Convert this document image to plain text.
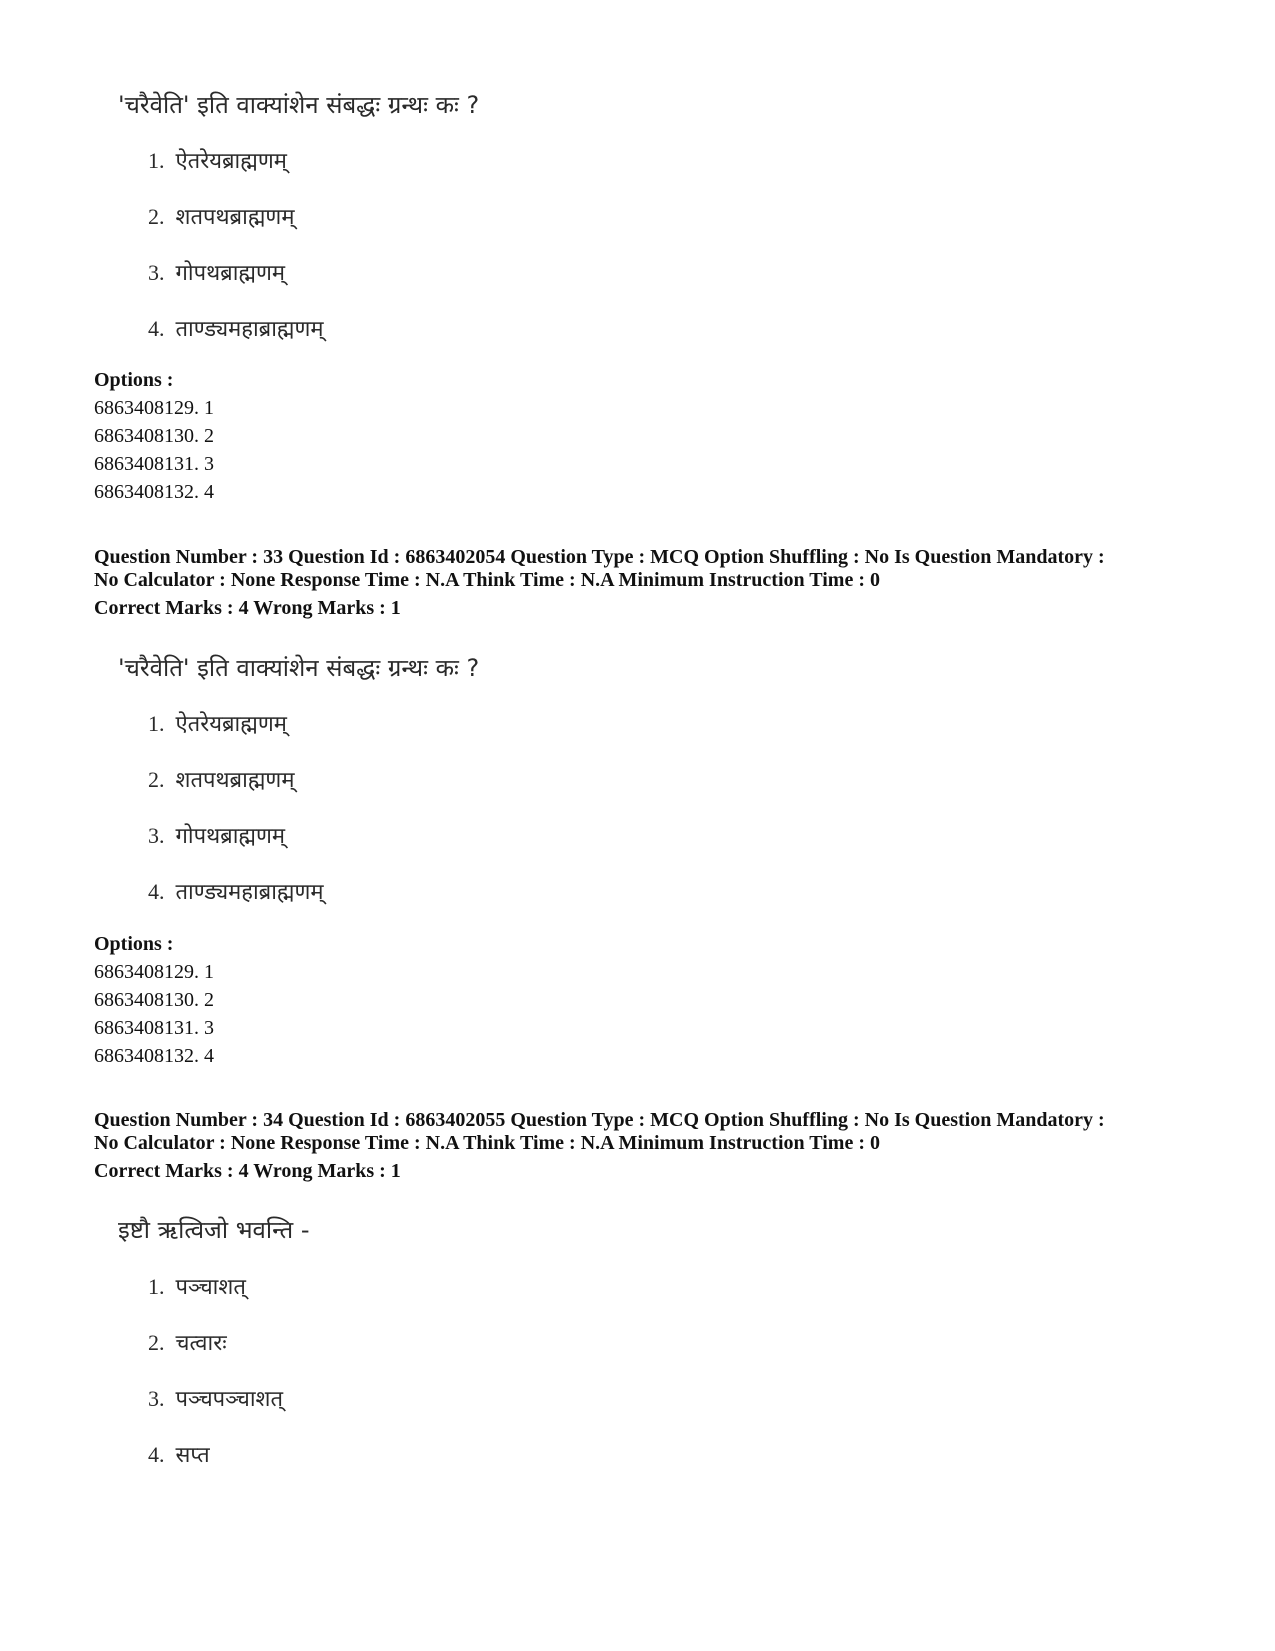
'चरैवेति' इति वाक्यांशेन संबद्धः ग्रन्थः कः ?
1. ऐतरेयब्राह्मणम्
2. शतपथब्राह्मणम्
3. गोपथब्राह्मणम्
4. ताण्ड्यमहाब्राह्मणम्
Options :
6863408129. 1
6863408130. 2
6863408131. 3
6863408132. 4
Question Number : 33 Question Id : 6863402054 Question Type : MCQ Option Shuffling : No Is Question Mandatory :
No Calculator : None Response Time : N.A Think Time : N.A Minimum Instruction Time : 0
Correct Marks : 4 Wrong Marks : 1
'चरैवेति' इति वाक्यांशेन संबद्धः ग्रन्थः कः ?
1. ऐतरेयब्राह्मणम्
2. शतपथब्राह्मणम्
3. गोपथब्राह्मणम्
4. ताण्ड्यमहाब्राह्मणम्
Options :
6863408129. 1
6863408130. 2
6863408131. 3
6863408132. 4
Question Number : 34 Question Id : 6863402055 Question Type : MCQ Option Shuffling : No Is Question Mandatory :
No Calculator : None Response Time : N.A Think Time : N.A Minimum Instruction Time : 0
Correct Marks : 4 Wrong Marks : 1
इष्टौ ऋत्विजो भवन्ति -
1. पञ्चाशत्
2. चत्वारः
3. पञ्चपञ्चाशत्
4. सप्त
